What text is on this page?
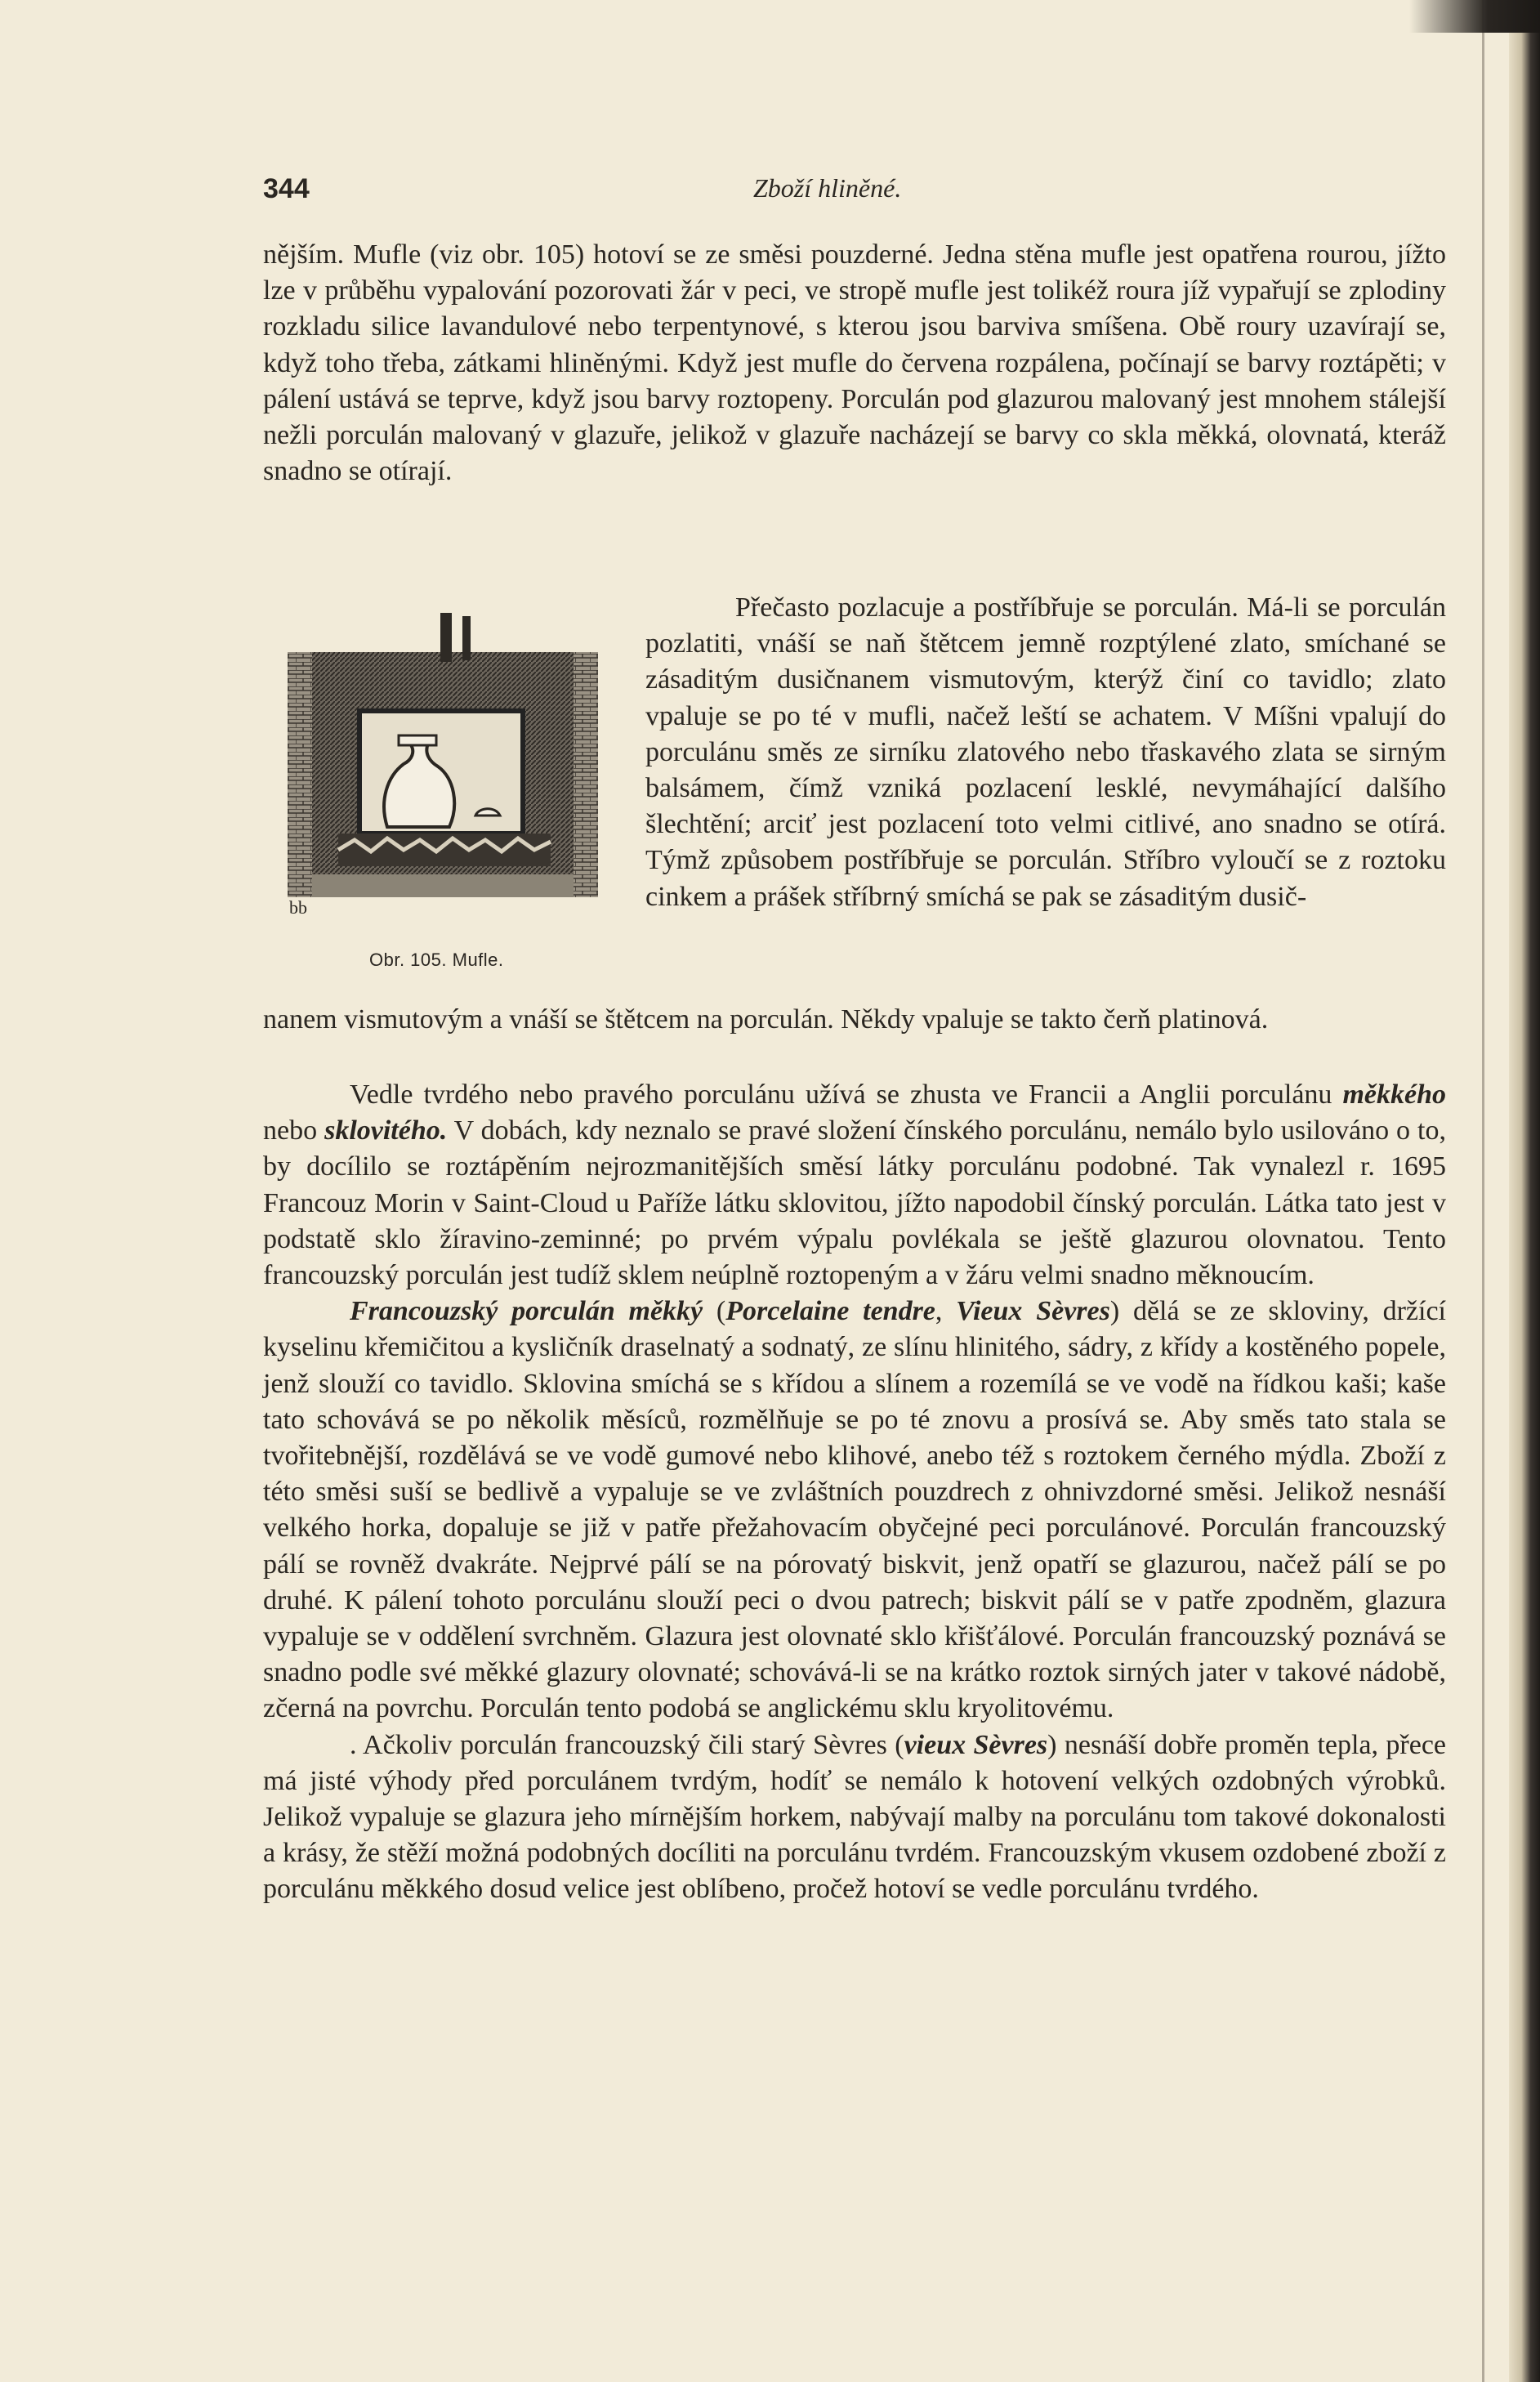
344	Zboží hliněné.

nějším. Mufle (viz obr. 105) hotoví se ze směsi pouzderné. Jedna stěna mufle jest opatřena rourou, jížto lze v průběhu vypalování pozorovati žár v peci, ve stropě mufle jest tolikéž roura jíž vypařují se zplodiny rozkladu silice lavandulové nebo terpentynové, s kterou jsou barviva smíšena. Obě roury uzavírají se, když toho třeba, zátkami hliněnými. Když jest mufle do červena rozpálena, počínají se barvy roztápěti; v pálení ustává se teprve, když jsou barvy roztopeny. Porculán pod glazurou malovaný jest mnohem stálejší nežli porculán malovaný v glazuře, jelikož v glazuře nacházejí se barvy co skla měkká, olovnatá, kteráž snadno se otírají.

bb
Obr. 105. Mufle.

Přečasto pozlacuje a postříbřuje se porculán. Má-li se porculán pozlatiti, vnáší se naň štětcem jemně rozptýlené zlato, smíchané se zásaditým dusičnanem vismutovým, kterýž činí co tavidlo; zlato vpaluje se po té v mufli, načež leští se achatem. V Míšni vpalují do porculánu směs ze sirníku zlatového nebo třaskavého zlata se sirným balsámem, čímž vzniká pozlacení lesklé, nevymáhající dalšího šlechtění; arciť jest pozlacení toto velmi citlivé, ano snadno se otírá. Týmž způsobem postříbřuje se porculán. Stříbro vyloučí se z roztoku cinkem a prášek stříbrný smíchá se pak se zásaditým dusič-

nanem vismutovým a vnáší se štětcem na porculán. Někdy vpaluje se takto čerň platinová.

Vedle tvrdého nebo pravého porculánu užívá se zhusta ve Francii a Anglii porculánu měkkého nebo sklovitého. V dobách, kdy neznalo se pravé složení čínského porculánu, nemálo bylo usilováno o to, by docílilo se roztápěním nejrozmanitějších směsí látky porculánu podobné. Tak vynalezl r. 1695 Francouz Morin v Saint-Cloud u Paříže látku sklovitou, jížto napodobil čínský porculán. Látka tato jest v podstatě sklo žíravino-zeminné; po prvém výpalu povlékala se ještě glazurou olovnatou. Tento francouzský porculán jest tudíž sklem neúplně roztopeným a v žáru velmi snadno měknoucím.

Francouzský porculán měkký (Porcelaine tendre, Vieux Sèvres) dělá se ze skloviny, držící kyselinu křemičitou a kysličník draselnatý a sodnatý, ze slínu hlinitého, sádry, z křídy a kostěného popele, jenž slouží co tavidlo. Sklovina smíchá se s křídou a slínem a rozemílá se ve vodě na řídkou kaši; kaše tato schovává se po několik měsíců, rozmělňuje se po té znovu a prosívá se. Aby směs tato stala se tvořitebnější, rozdělává se ve vodě gumové nebo klihové, anebo též s roztokem černého mýdla. Zboží z této směsi suší se bedlivě a vypaluje se ve zvláštních pouzdrech z ohnivzdorné směsi. Jelikož nesnáší velkého horka, dopaluje se již v patře přežahovacím obyčejné peci porculánové. Porculán francouzský pálí se rovněž dvakráte. Nejprvé pálí se na pórovatý biskvit, jenž opatří se glazurou, načež pálí se po druhé. K pálení tohoto porculánu slouží peci o dvou patrech; biskvit pálí se v patře zpodněm, glazura vypaluje se v oddělení svrchněm. Glazura jest olovnaté sklo křišťálové. Porculán francouzský poznává se snadno podle své měkké glazury olovnaté; schovává-li se na krátko roztok sirných jater v takové nádobě, zčerná na povrchu. Porculán tento podobá se anglickému sklu kryolitovému.

. Ačkoliv porculán francouzský čili starý Sèvres (vieux Sèvres) nesnáší dobře proměn tepla, přece má jisté výhody před porculánem tvrdým, hodíť se nemálo k hotovení velkých ozdobných výrobků. Jelikož vypaluje se glazura jeho mírnějším horkem, nabývají malby na porculánu tom takové dokonalosti a krásy, že stěží možná podobných docíliti na porculánu tvrdém. Francouzským vkusem ozdobené zboží z porculánu měkkého dosud velice jest oblíbeno, pročež hotoví se vedle porculánu tvrdého.
